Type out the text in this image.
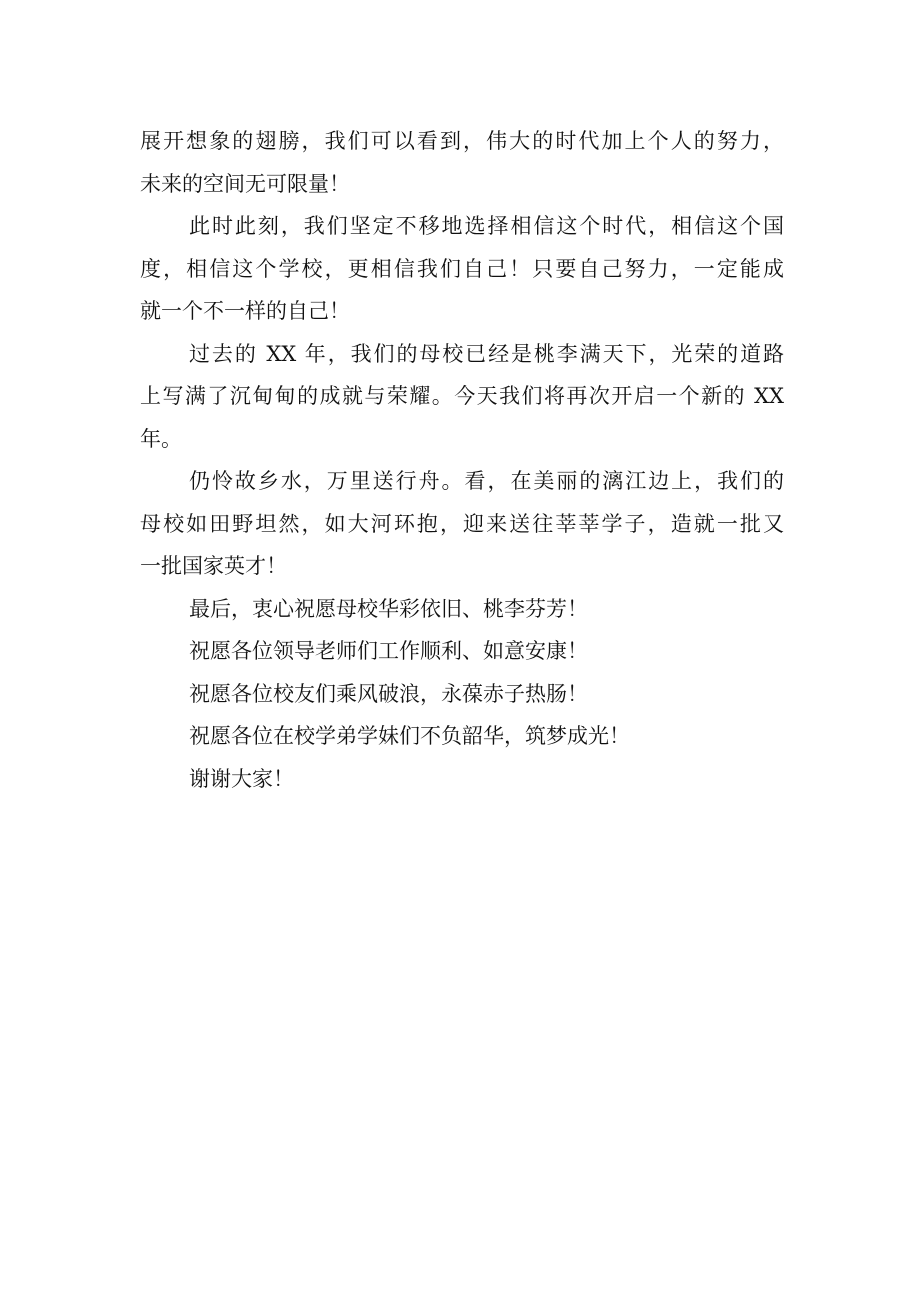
展开想象的翅膀，我们可以看到，伟大的时代加上个人的努力，
未来的空间无可限量！
此时此刻，我们坚定不移地选择相信这个时代，相信这个国
度，相信这个学校，更相信我们自己！只要自己努力，一定能成
就一个不一样的自己！
过去的 XX 年，我们的母校已经是桃李满天下，光荣的道路
上写满了沉甸甸的成就与荣耀。今天我们将再次开启一个新的 XX
年。
仍怜故乡水，万里送行舟。看，在美丽的漓江边上，我们的
母校如田野坦然，如大河环抱，迎来送往莘莘学子，造就一批又
一批国家英才！
最后，衷心祝愿母校华彩依旧、桃李芬芳！
祝愿各位领导老师们工作顺利、如意安康！
祝愿各位校友们乘风破浪，永葆赤子热肠！
祝愿各位在校学弟学妹们不负韶华，筑梦成光！
谢谢大家！
